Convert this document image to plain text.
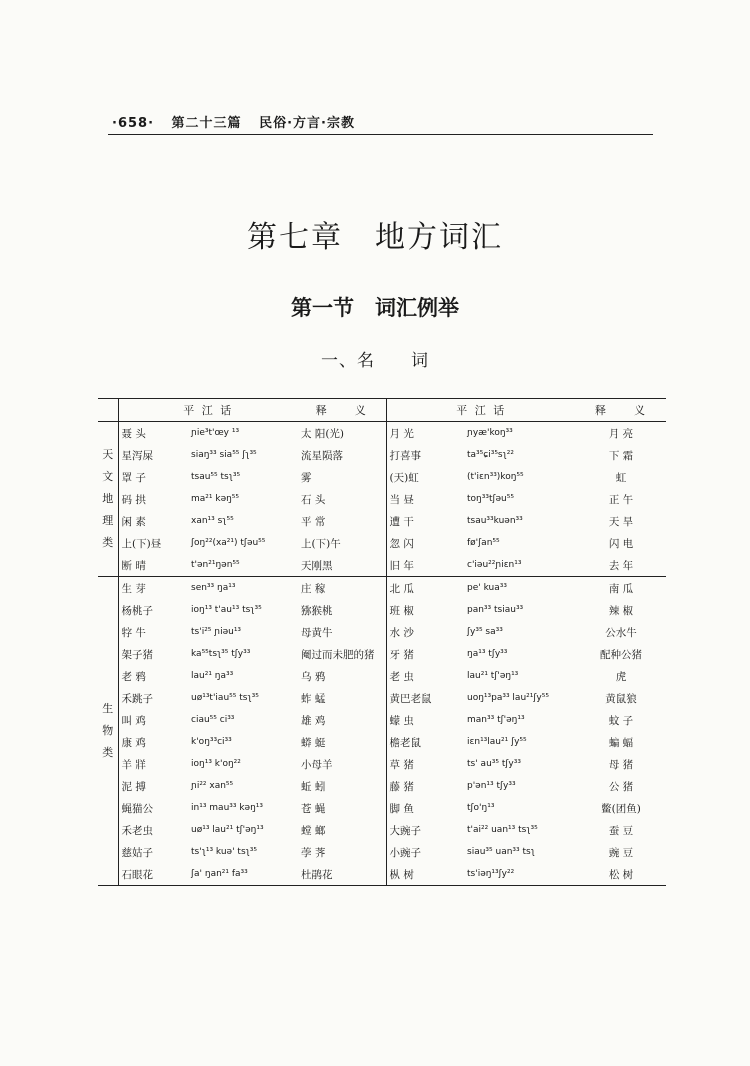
·658· 第二十三篇 民俗·方言·宗教
第七章　地方词汇
第一节　词汇例举
一、名　　词
	平 江 话		释　　义	平 江 话		释　　义

天
文
地
理
类	聂 头	ɲie³t'œy ¹³	太 阳(光)	月 光	ɲyæ'koŋ³³	月 亮
	星泻屎	siaŋ³³ sia⁵⁵ ʃʅ³⁵	流星陨落	打喜事	ta³⁵ɕi³⁵sʅ²²	下 霜
	罩 子	tsau⁵⁵ tsʅ³⁵	雾	(天)虹	(t'iɛn³³)koŋ⁵⁵	虹
	码 拱	ma²¹ kəŋ⁵⁵	石 头	当 昼	toŋ³³tʃəu⁵⁵	正 午
	闲 素	xan¹³ sʅ⁵⁵	平 常	遭 干	tsau³³kuən³³	天 旱
	上(下)昼	ʃoŋ²²(xa²¹) tʃəu⁵⁵	上(下)午	忽 闪	fø'ʃan⁵⁵	闪 电
	断 晴	t'ən²¹ŋən⁵⁵	天刚黑	旧 年	c'iəu²²ɲiɛn¹³	去 年

生
物
类	生 芽	sen³³ ŋa¹³	庄 稼	北 瓜	pe' kua³³	南 瓜
	杨桃子	ioŋ¹³ t'au¹³ tsʅ³⁵	猕猴桃	班 椒	pan³³ tsiau³³	辣 椒
	牸 牛	ts'i²⁵ ɲiəu¹³	母黄牛	水 沙	ʃy³⁵ sa³³	公水牛
	架子猪	ka⁵⁵tsʅ³⁵ tʃy³³	阉过而未肥的猪	牙 猪	ŋa¹³ tʃy³³	配种公猪
	老 鸦	lau²¹ ŋa³³	乌 鸦	老 虫	lau²¹ tʃ'əŋ¹³	虎
	禾跳子	uø¹³t'iau⁵⁵ tsʅ³⁵	蚱 蜢	黄巴老鼠	uoŋ¹³pa³³ lau²¹ʃy⁵⁵	黄鼠狼
	叫 鸡	ciau⁵⁵ ci³³	雄 鸡	蠓 虫	man³³ tʃ'əŋ¹³	蚊 子
	康 鸡	k'oŋ³³ci³³	蟒 蜓	檐老鼠	iɛn¹³lau²¹ ʃy⁵⁵	蝙 蝠
	羊 牂	ioŋ¹³ k'oŋ²²	小母羊	草 猪	ts' au³⁵ tʃy³³	母 猪
	泥 搏	ɲi²² xan⁵⁵	蚯 蚓	藤 猪	p'ən¹³ tʃy³³	公 猪
	蝇猫公	in¹³ mau³³ kəŋ¹³	苍 蝇	脚 鱼	tʃo'ŋ¹³	鳖(团鱼)
	禾老虫	uø¹³ lau²¹ tʃ'əŋ¹³	螳 螂	大豌子	t'ai²² uan¹³ tsʅ³⁵	蚕 豆
	慈姑子	ts'ʅ¹³ kuə' tsʅ³⁵	荸 荠	小豌子	siau³⁵ uan³³ tsʅ	豌 豆
	石眼花	ʃa' ŋan²¹ fa³³	杜鹃花	枞 树	ts'iəŋ¹³ʃy²²	松 树
